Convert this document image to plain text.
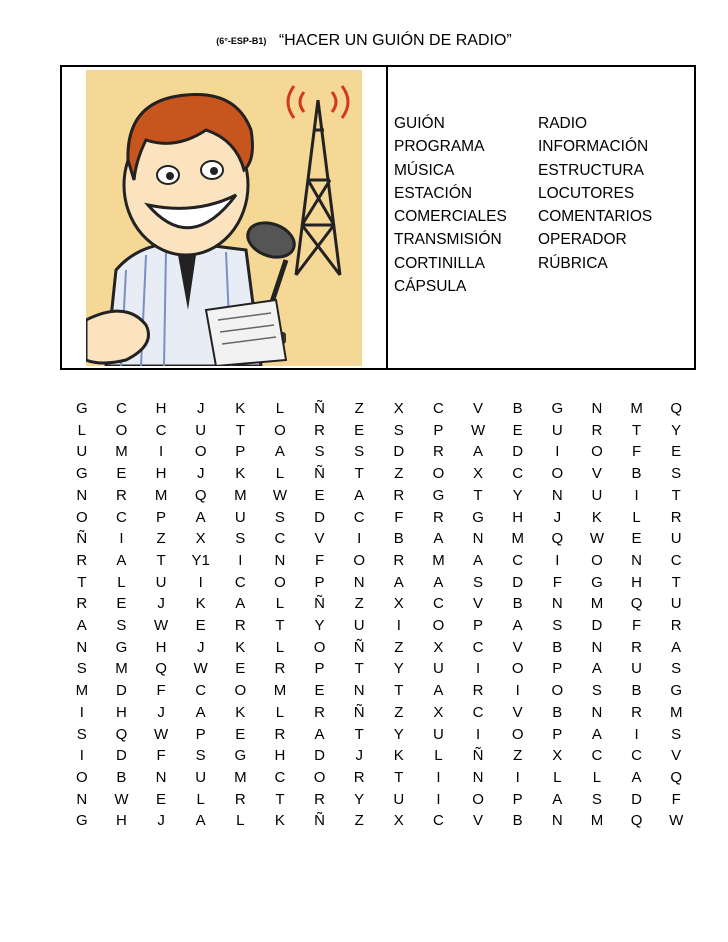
(6°-ESP-B1) “HACER UN GUIÓN DE RADIO”
GUIÓN	RADIO
PROGRAMA	INFORMACIÓN
MÚSICA	ESTRUCTURA
ESTACIÓN	LOCUTORES
COMERCIALES	COMENTARIOS
TRANSMISIÓN	OPERADOR
CORTINILLA	RÚBRICA
CÁPSULA
G	C	H	J	K	L	Ñ	Z	X	C	V	B	G	N	M	Q
L	O	C	U	T	O	R	E	S	P	W	E	U	R	T	Y
U	M	I	O	P	A	S	S	D	R	A	D	I	O	F	E
G	E	H	J	K	L	Ñ	T	Z	O	X	C	O	V	B	S
N	R	M	Q	M	W	E	A	R	G	T	Y	N	U	I	T
O	C	P	A	U	S	D	C	F	R	G	H	J	K	L	R
Ñ	I	Z	X	S	C	V	I	B	A	N	M	Q	W	E	U
R	A	T	Y1	I	N	F	O	R	M	A	C	I	O	N	C
T	L	U	I	C	O	P	N	A	A	S	D	F	G	H	T
R	E	J	K	A	L	Ñ	Z	X	C	V	B	N	M	Q	U
A	S	W	E	R	T	Y	U	I	O	P	A	S	D	F	R
N	G	H	J	K	L	O	Ñ	Z	X	C	V	B	N	R	A
S	M	Q	W	E	R	P	T	Y	U	I	O	P	A	U	S
M	D	F	C	O	M	E	N	T	A	R	I	O	S	B	G
I	H	J	A	K	L	R	Ñ	Z	X	C	V	B	N	R	M
S	Q	W	P	E	R	A	T	Y	U	I	O	P	A	I	S
I	D	F	S	G	H	D	J	K	L	Ñ	Z	X	C	C	V
O	B	N	U	M	C	O	R	T	I	N	I	L	L	A	Q
N	W	E	L	R	T	R	Y	U	I	O	P	A	S	D	F
G	H	J	A	L	K	Ñ	Z	X	C	V	B	N	M	Q	W
